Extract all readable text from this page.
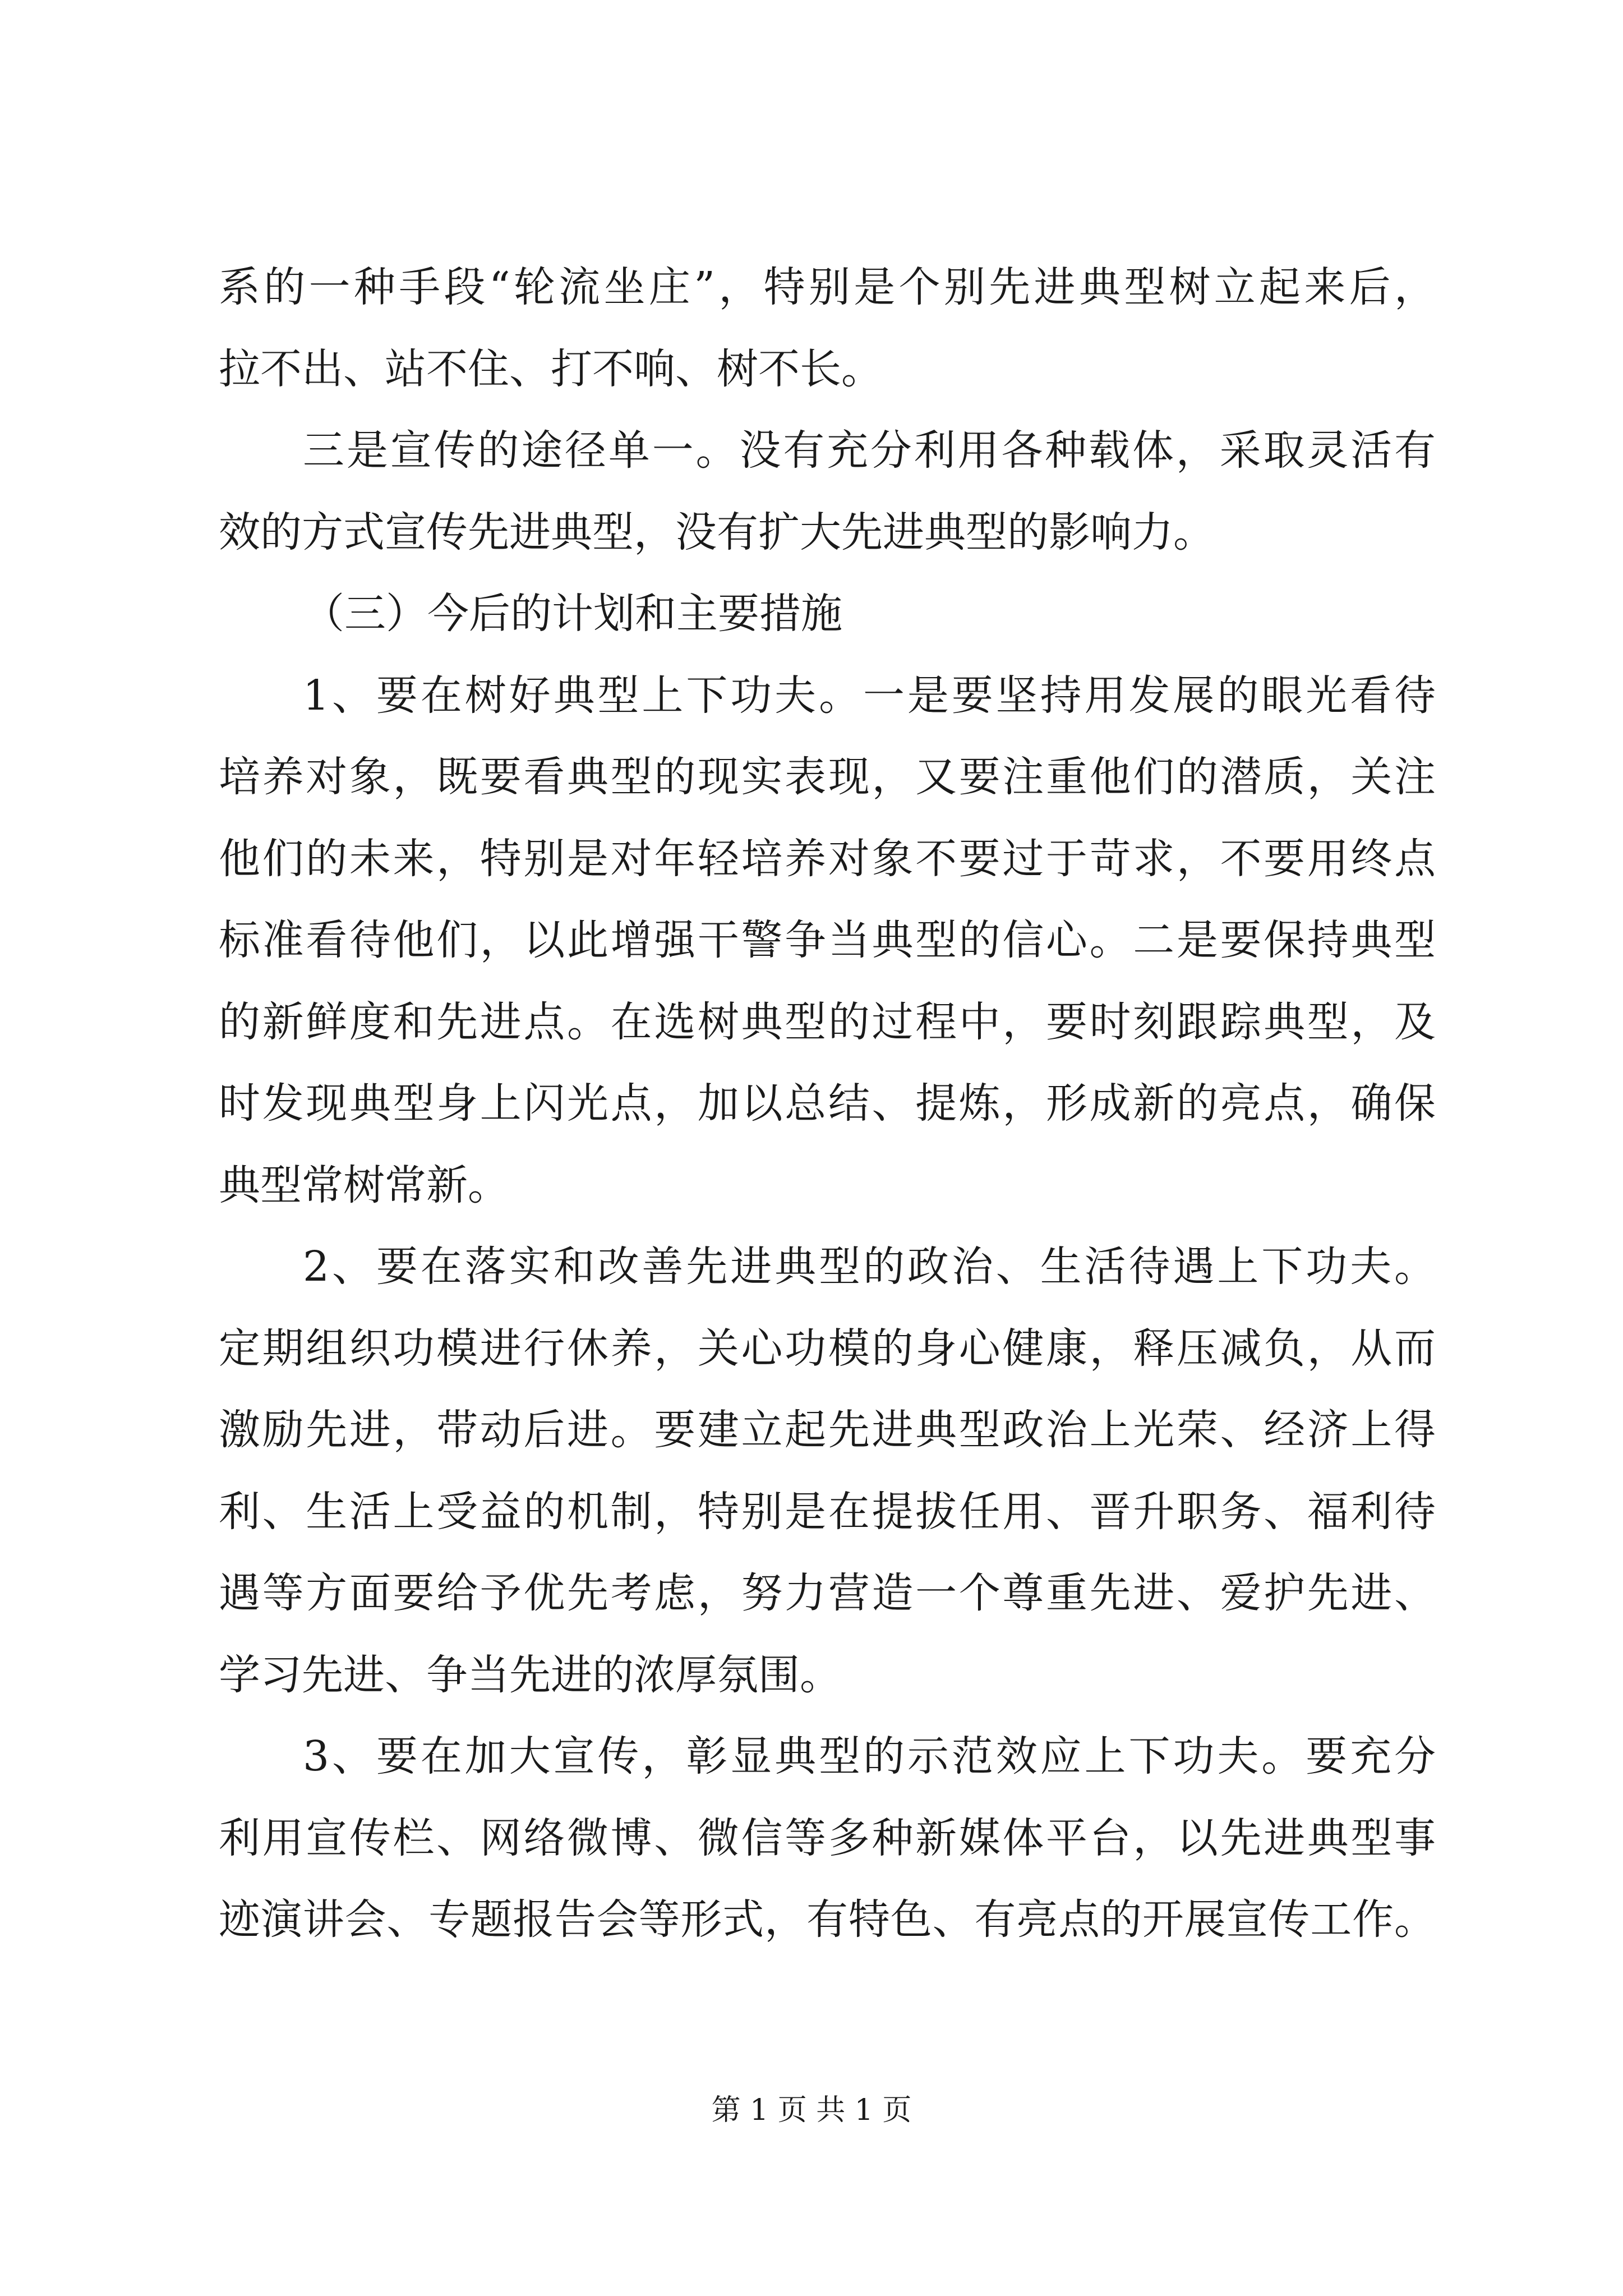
系的一种手段“轮流坐庄”，特别是个别先进典型树立起来后，
拉不出、站不住、打不响、树不长。
三是宣传的途径单一。没有充分利用各种载体，采取灵活有
效的方式宣传先进典型，没有扩大先进典型的影响力。
（三）今后的计划和主要措施
1、要在树好典型上下功夫。一是要坚持用发展的眼光看待
培养对象，既要看典型的现实表现，又要注重他们的潜质，关注
他们的未来，特别是对年轻培养对象不要过于苛求，不要用终点
标准看待他们，以此增强干警争当典型的信心。二是要保持典型
的新鲜度和先进点。在选树典型的过程中，要时刻跟踪典型，及
时发现典型身上闪光点，加以总结、提炼，形成新的亮点，确保
典型常树常新。
2、要在落实和改善先进典型的政治、生活待遇上下功夫。
定期组织功模进行休养，关心功模的身心健康，释压减负，从而
激励先进，带动后进。要建立起先进典型政治上光荣、经济上得
利、生活上受益的机制，特别是在提拔任用、晋升职务、福利待
遇等方面要给予优先考虑，努力营造一个尊重先进、爱护先进、
学习先进、争当先进的浓厚氛围。
3、要在加大宣传，彰显典型的示范效应上下功夫。要充分
利用宣传栏、网络微博、微信等多种新媒体平台，以先进典型事
迹演讲会、专题报告会等形式，有特色、有亮点的开展宣传工作。
第 1 页 共 1 页
